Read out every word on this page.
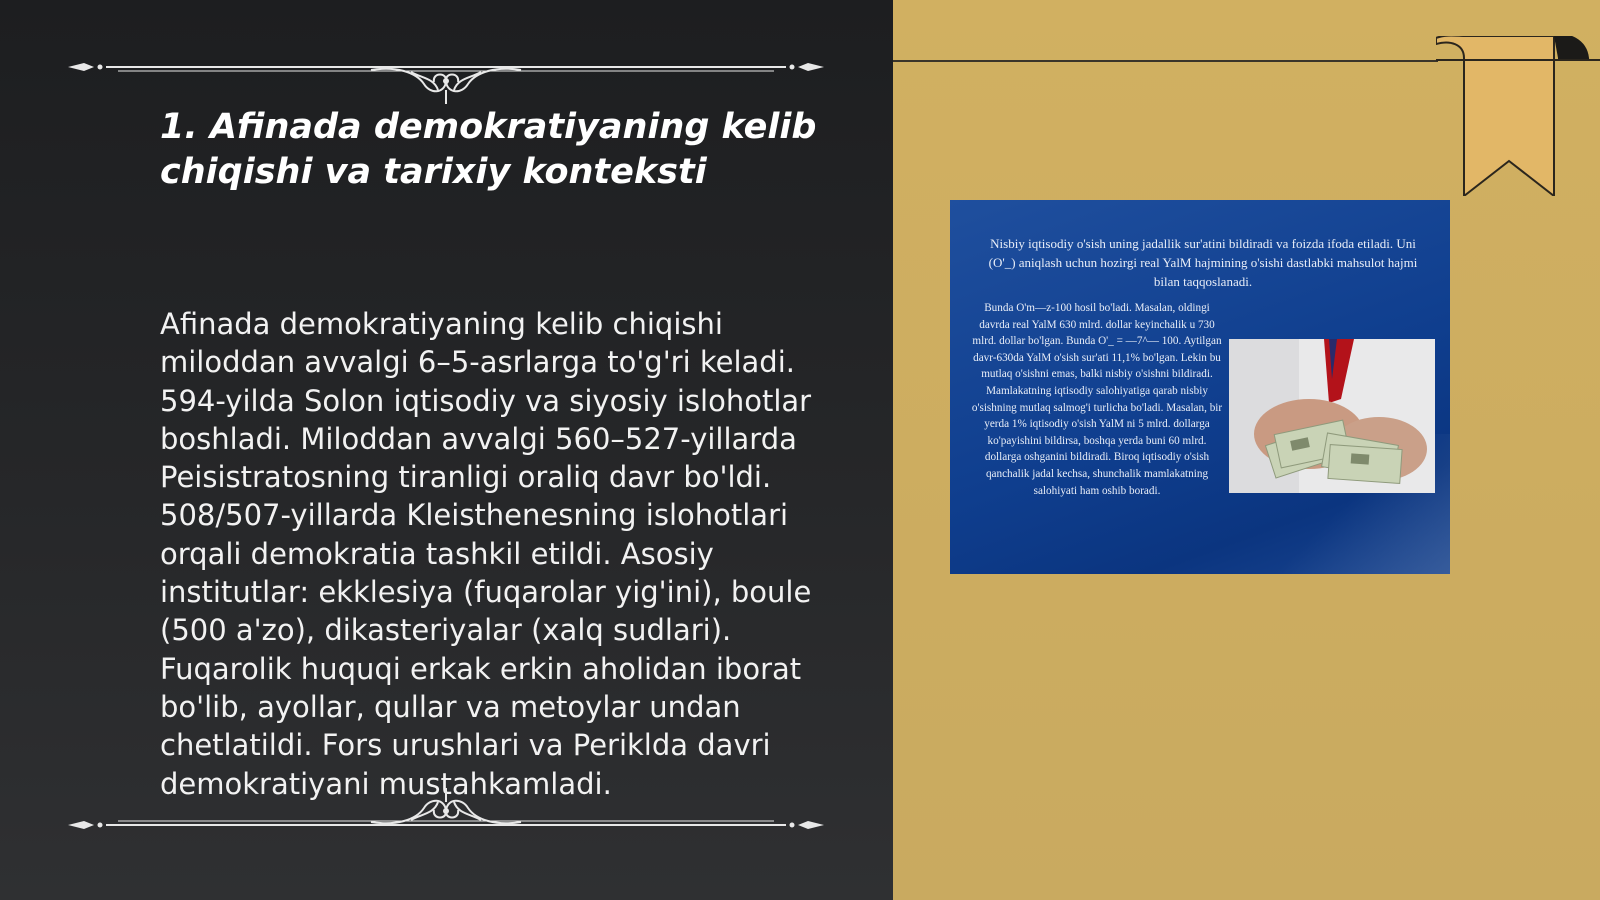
1. Afinada demokratiyaning kelib chiqishi va tarixiy konteksti
Afinada demokratiyaning kelib chiqishi miloddan avvalgi 6–5-asrlarga to'g'ri keladi. 594-yilda Solon iqtisodiy va siyosiy islohotlar boshladi. Miloddan avvalgi 560–527-yillarda Peisistratosning tiranligi oraliq davr bo'ldi. 508/507-yillarda Kleisthenesning islohotlari orqali demokratia tashkil etildi. Asosiy institutlar: ekklesiya (fuqarolar yig'ini), boule (500 a'zo), dikasteriyalar (xalq sudlari). Fuqarolik huquqi erkak erkin aholidan iborat bo'lib, ayollar, qullar va metoylar undan chetlatildi. Fors urushlari va Periklda davri demokratiyani mustahkamladi.
Nisbiy iqtisodiy o'sish uning jadallik sur'atini bildiradi va foizda ifoda etiladi. Uni (O'_) aniqlash uchun hozirgi real YalM hajmining o'sishi dastlabki mahsulot hajmi bilan taqqoslanadi.
Bunda O'm—z-100 hosil bo'ladi. Masalan, oldingi davrda real YalM 630 mlrd. dollar keyinchalik u 730 mlrd. dollar bo'lgan. Bunda O'_ = —7^— 100. Aytilgan davr-630da YalM o'sish sur'ati 11,1% bo'lgan. Lekin bu mutlaq o'sishni emas, balki nisbiy o'sishni bildiradi. Mamlakatning iqtisodiy salohiyatiga qarab nisbiy o'sishning mutlaq salmog'i turlicha bo'ladi. Masalan, bir yerda 1% iqtisodiy o'sish YalM ni 5 mlrd. dollarga ko'payishini bildirsa, boshqa yerda buni 60 mlrd. dollarga oshganini bildiradi. Biroq iqtisodiy o'sish qanchalik jadal kechsa, shunchalik mamlakatning salohiyati ham oshib boradi.
